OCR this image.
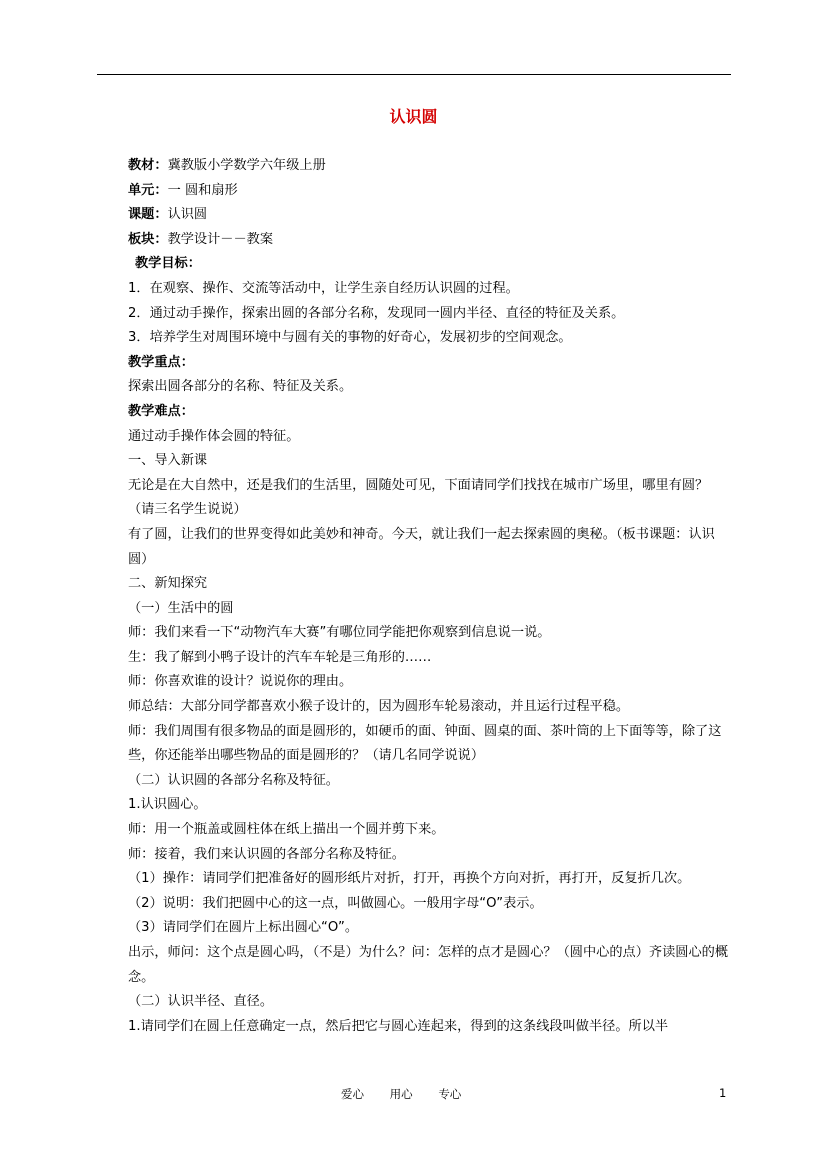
认识圆

教材：冀教版小学数学六年级上册

单元：一 圆和扇形

课题：认识圆

板块：教学设计－－教案

教学目标：

1．在观察、操作、交流等活动中，让学生亲自经历认识圆的过程。

2．通过动手操作，探索出圆的各部分名称，发现同一圆内半径、直径的特征及关系。

3．培养学生对周围环境中与圆有关的事物的好奇心，发展初步的空间观念。

教学重点：

探索出圆各部分的名称、特征及关系。

教学难点：

通过动手操作体会圆的特征。

一、导入新课

无论是在大自然中，还是我们的生活里，圆随处可见，下面请同学们找找在城市广场里，哪里有圆？（请三名学生说说）

有了圆，让我们的世界变得如此美妙和神奇。今天，就让我们一起去探索圆的奥秘。（板书课题：认识圆）

二、新知探究

（一）生活中的圆

师：我们来看一下“动物汽车大赛”有哪位同学能把你观察到信息说一说。

生：我了解到小鸭子设计的汽车车轮是三角形的……

师：你喜欢谁的设计？说说你的理由。

师总结：大部分同学都喜欢小猴子设计的，因为圆形车轮易滚动，并且运行过程平稳。

师：我们周围有很多物品的面是圆形的，如硬币的面、钟面、圆桌的面、茶叶筒的上下面等等，除了这些，你还能举出哪些物品的面是圆形的？（请几名同学说说）

（二）认识圆的各部分名称及特征。

1.认识圆心。

师：用一个瓶盖或圆柱体在纸上描出一个圆并剪下来。

师：接着，我们来认识圆的各部分名称及特征。

（1）操作：请同学们把准备好的圆形纸片对折，打开，再换个方向对折，再打开，反复折几次。

（2）说明：我们把圆中心的这一点，叫做圆心。一般用字母“O”表示。

（3）请同学们在圆片上标出圆心“O”。

出示，师问：这个点是圆心吗，（不是）为什么？问：怎样的点才是圆心？（圆中心的点）齐读圆心的概念。

（二）认识半径、直径。

1.请同学们在圆上任意确定一点，然后把它与圆心连起来，得到的这条线段叫做半径。所以半

爱心 用心 专心	1
